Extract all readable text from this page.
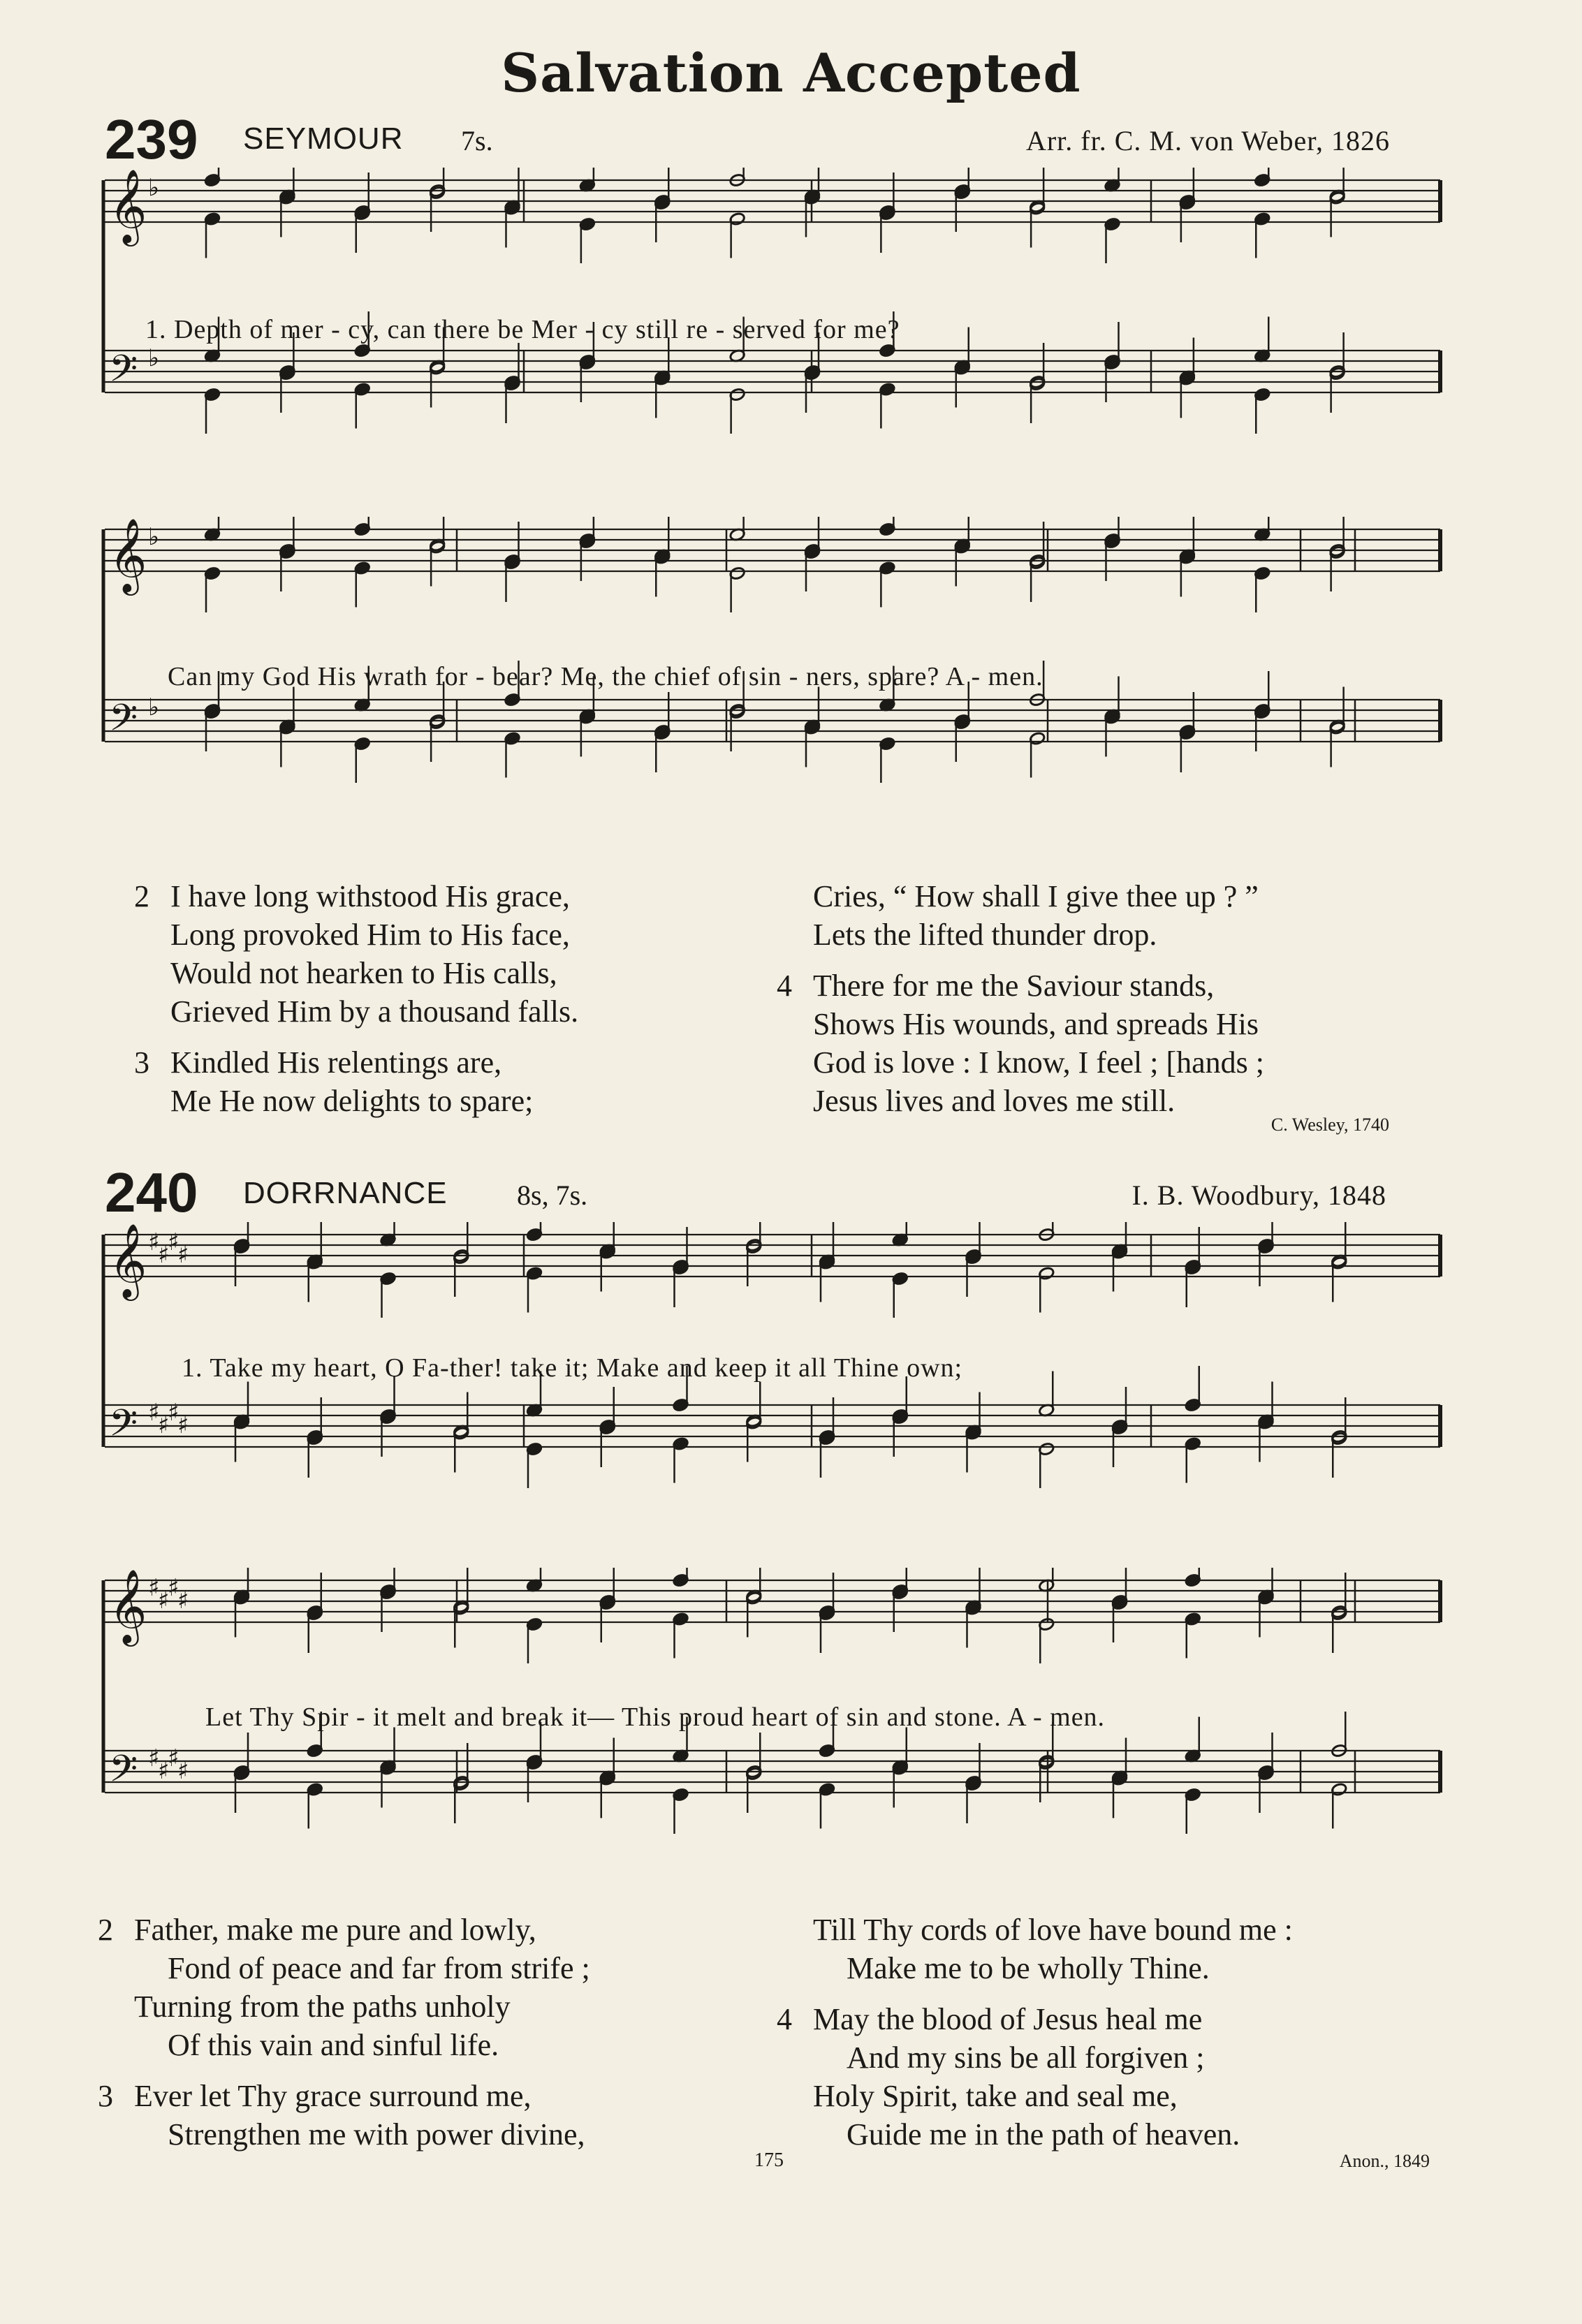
Salvation Accepted
239 SEYMOUR 7s.	Arr. fr. C. M. von Weber, 1826
𝄞 ♭
𝄢 ♭
1. Depth of mer - cy, can there be Mer - cy still re - served for me?
𝄞 ♭
𝄢 ♭
Can my God His wrath for - bear? Me, the chief of sin - ners, spare? A - men.
2 I have long withstood His grace,
Long provoked Him to His face,
Would not hearken to His calls,
Grieved Him by a thousand falls.
3 Kindled His relentings are,
Me He now delights to spare;
Cries, “ How shall I give thee up ? ”
Lets the lifted thunder drop.
4 There for me the Saviour stands,
Shows His wounds, and spreads His
God is love : I know, I feel ; [hands ;
Jesus lives and loves me still.
C. Wesley, 1740
240 DORRNANCE 8s, 7s.	I. B. Woodbury, 1848
𝄞 ♯
♯
♯
♯
𝄢 ♯
♯
♯
♯
1. Take my heart, O Fa-ther! take it; Make and keep it all Thine own;
𝄞 ♯
♯
♯
♯
𝄢 ♯
♯
♯
♯
Let Thy Spir - it melt and break it— This proud heart of sin and stone. A - men.
2 Father, make me pure and lowly,
Fond of peace and far from strife ;
Turning from the paths unholy
Of this vain and sinful life.
3 Ever let Thy grace surround me,
Strengthen me with power divine,
Till Thy cords of love have bound me :
Make me to be wholly Thine.
4 May the blood of Jesus heal me
And my sins be all forgiven ;
Holy Spirit, take and seal me,
Guide me in the path of heaven.
175	Anon., 1849
